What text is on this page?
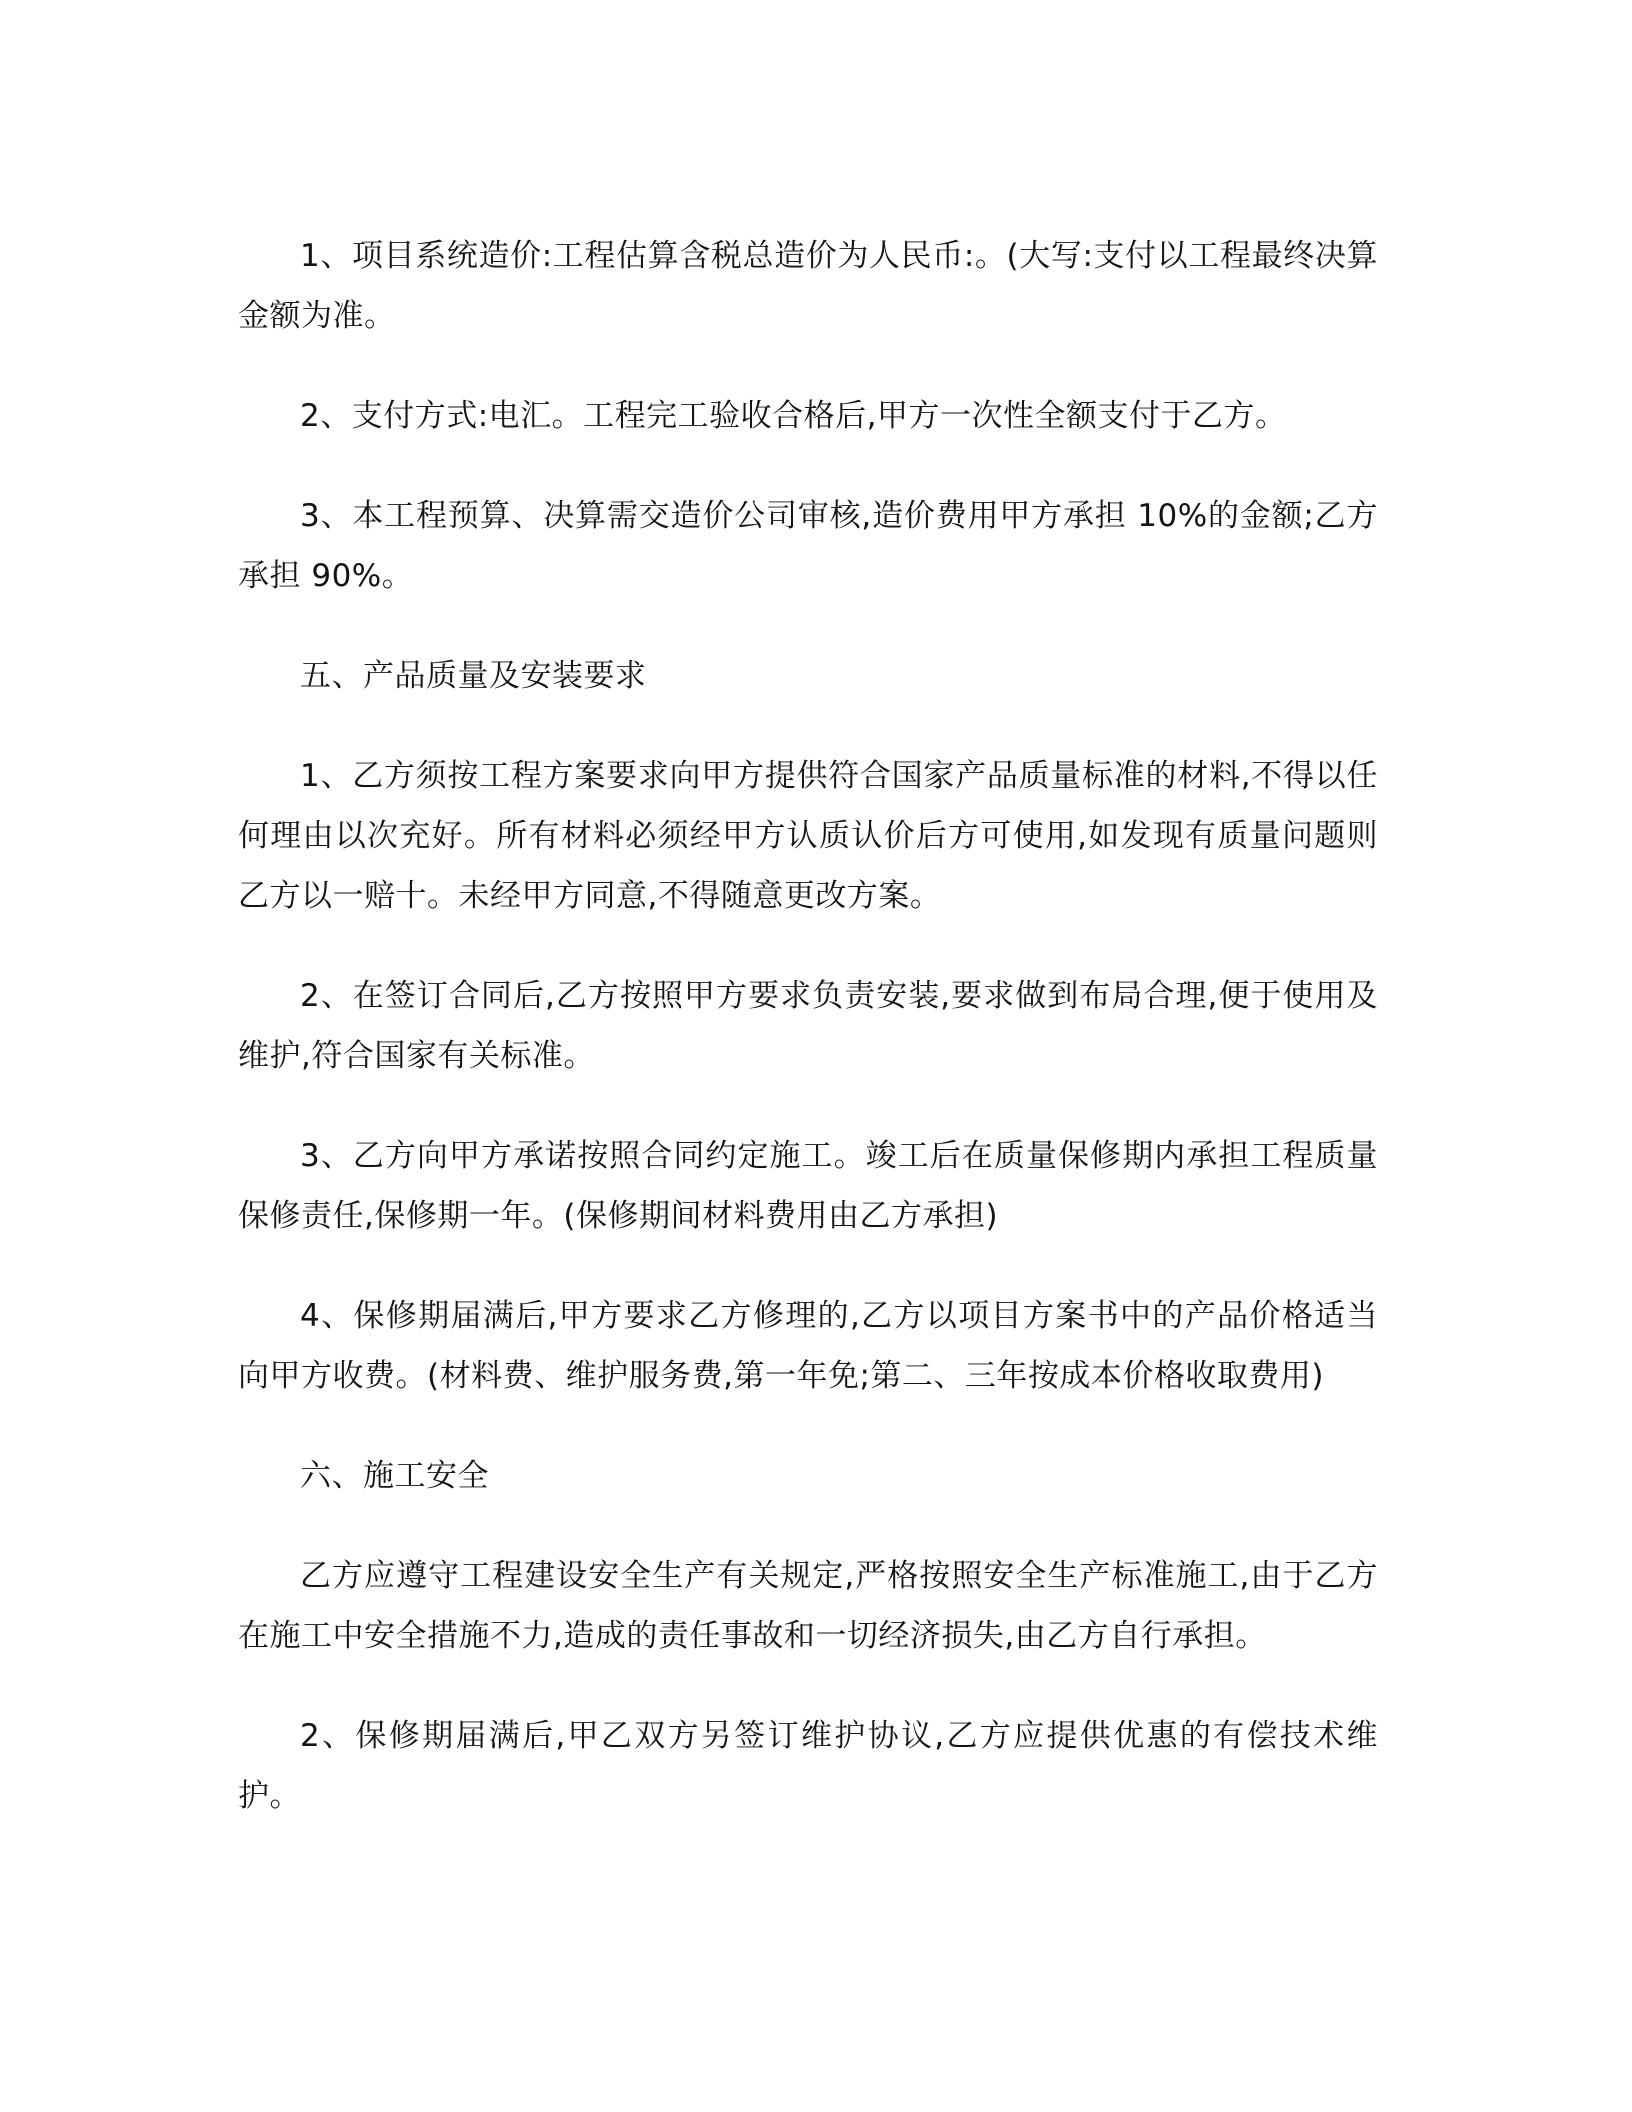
1、项目系统造价:工程估算含税总造价为人民币:。(大写:支付以工程最终决算金额为准。

2、支付方式:电汇。工程完工验收合格后,甲方一次性全额支付于乙方。

3、本工程预算、决算需交造价公司审核,造价费用甲方承担 10%的金额;乙方承担 90%。

五、产品质量及安装要求

1、乙方须按工程方案要求向甲方提供符合国家产品质量标准的材料,不得以任何理由以次充好。所有材料必须经甲方认质认价后方可使用,如发现有质量问题则乙方以一赔十。未经甲方同意,不得随意更改方案。

2、在签订合同后,乙方按照甲方要求负责安装,要求做到布局合理,便于使用及维护,符合国家有关标准。

3、乙方向甲方承诺按照合同约定施工。竣工后在质量保修期内承担工程质量保修责任,保修期一年。(保修期间材料费用由乙方承担)

4、保修期届满后,甲方要求乙方修理的,乙方以项目方案书中的产品价格适当向甲方收费。(材料费、维护服务费,第一年免;第二、三年按成本价格收取费用)

六、施工安全

乙方应遵守工程建设安全生产有关规定,严格按照安全生产标准施工,由于乙方在施工中安全措施不力,造成的责任事故和一切经济损失,由乙方自行承担。

2、保修期届满后,甲乙双方另签订维护协议,乙方应提供优惠的有偿技术维护。
